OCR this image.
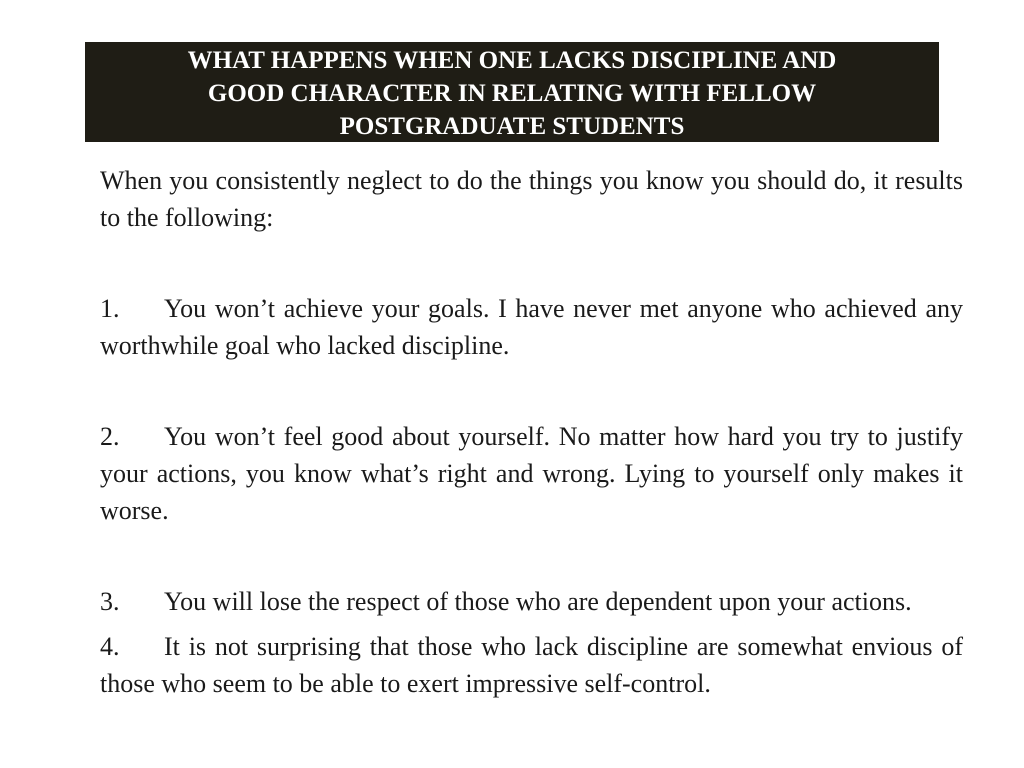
WHAT HAPPENS WHEN ONE LACKS DISCIPLINE AND
GOOD CHARACTER IN RELATING WITH FELLOW
POSTGRADUATE STUDENTS

When you consistently neglect to do the things you know you should do, it results to the following:

1. You won’t achieve your goals. I have never met anyone who achieved any worthwhile goal who lacked discipline.

2. You won’t feel good about yourself. No matter how hard you try to justify your actions, you know what’s right and wrong. Lying to yourself only makes it worse.

3. You will lose the respect of those who are dependent upon your actions.

4. It is not surprising that those who lack discipline are somewhat envious of those who seem to be able to exert impressive self-control.
